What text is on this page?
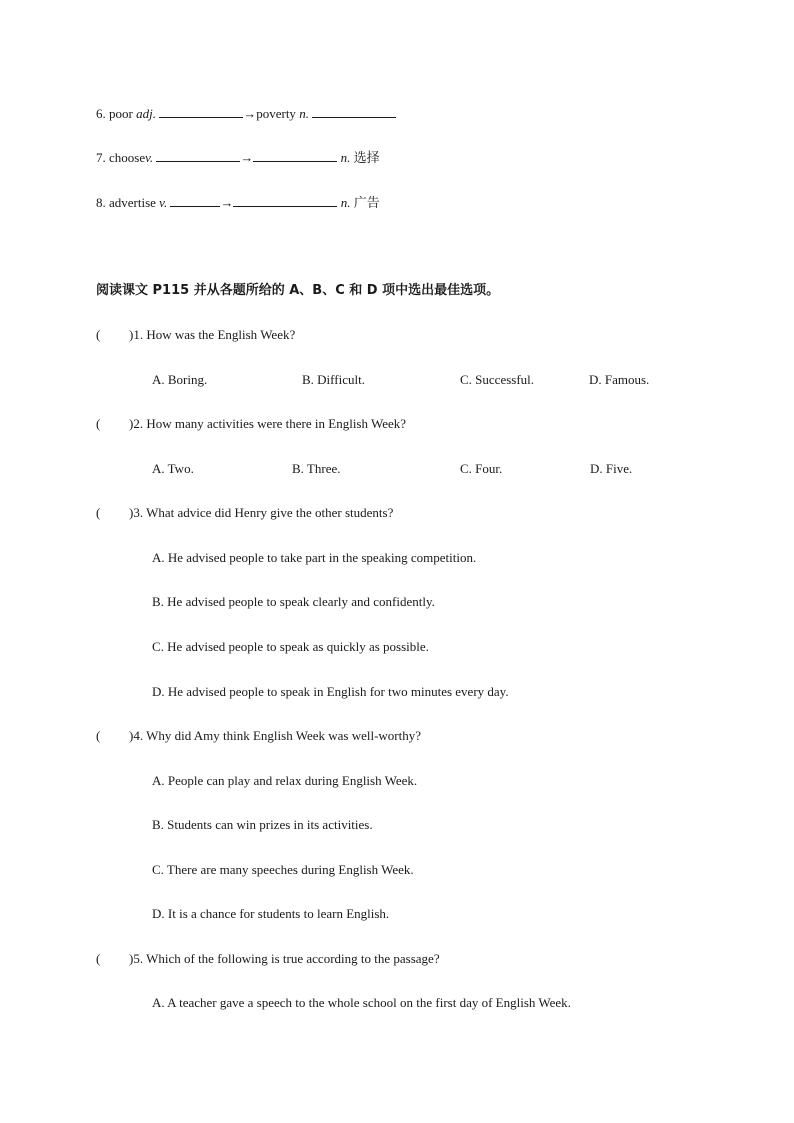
6. poor adj.	→poverty n.
7. choosev.	→	n. 选择
8. advertise v.	→	n. 广告
阅读课文 P115 并从各题所给的 A、B、C 和 D 项中选出最佳选项。
( )1. How was the English Week?
A. Boring.	B. Difficult.	C. Successful.	D. Famous.
( )2. How many activities were there in English Week?
A. Two.	B. Three.	C. Four.	D. Five.
( )3. What advice did Henry give the other students?
A. He advised people to take part in the speaking competition.
B. He advised people to speak clearly and confidently.
C. He advised people to speak as quickly as possible.
D. He advised people to speak in English for two minutes every day.
( )4. Why did Amy think English Week was well-worthy?
A. People can play and relax during English Week.
B. Students can win prizes in its activities.
C. There are many speeches during English Week.
D. It is a chance for students to learn English.
( )5. Which of the following is true according to the passage?
A. A teacher gave a speech to the whole school on the first day of English Week.
